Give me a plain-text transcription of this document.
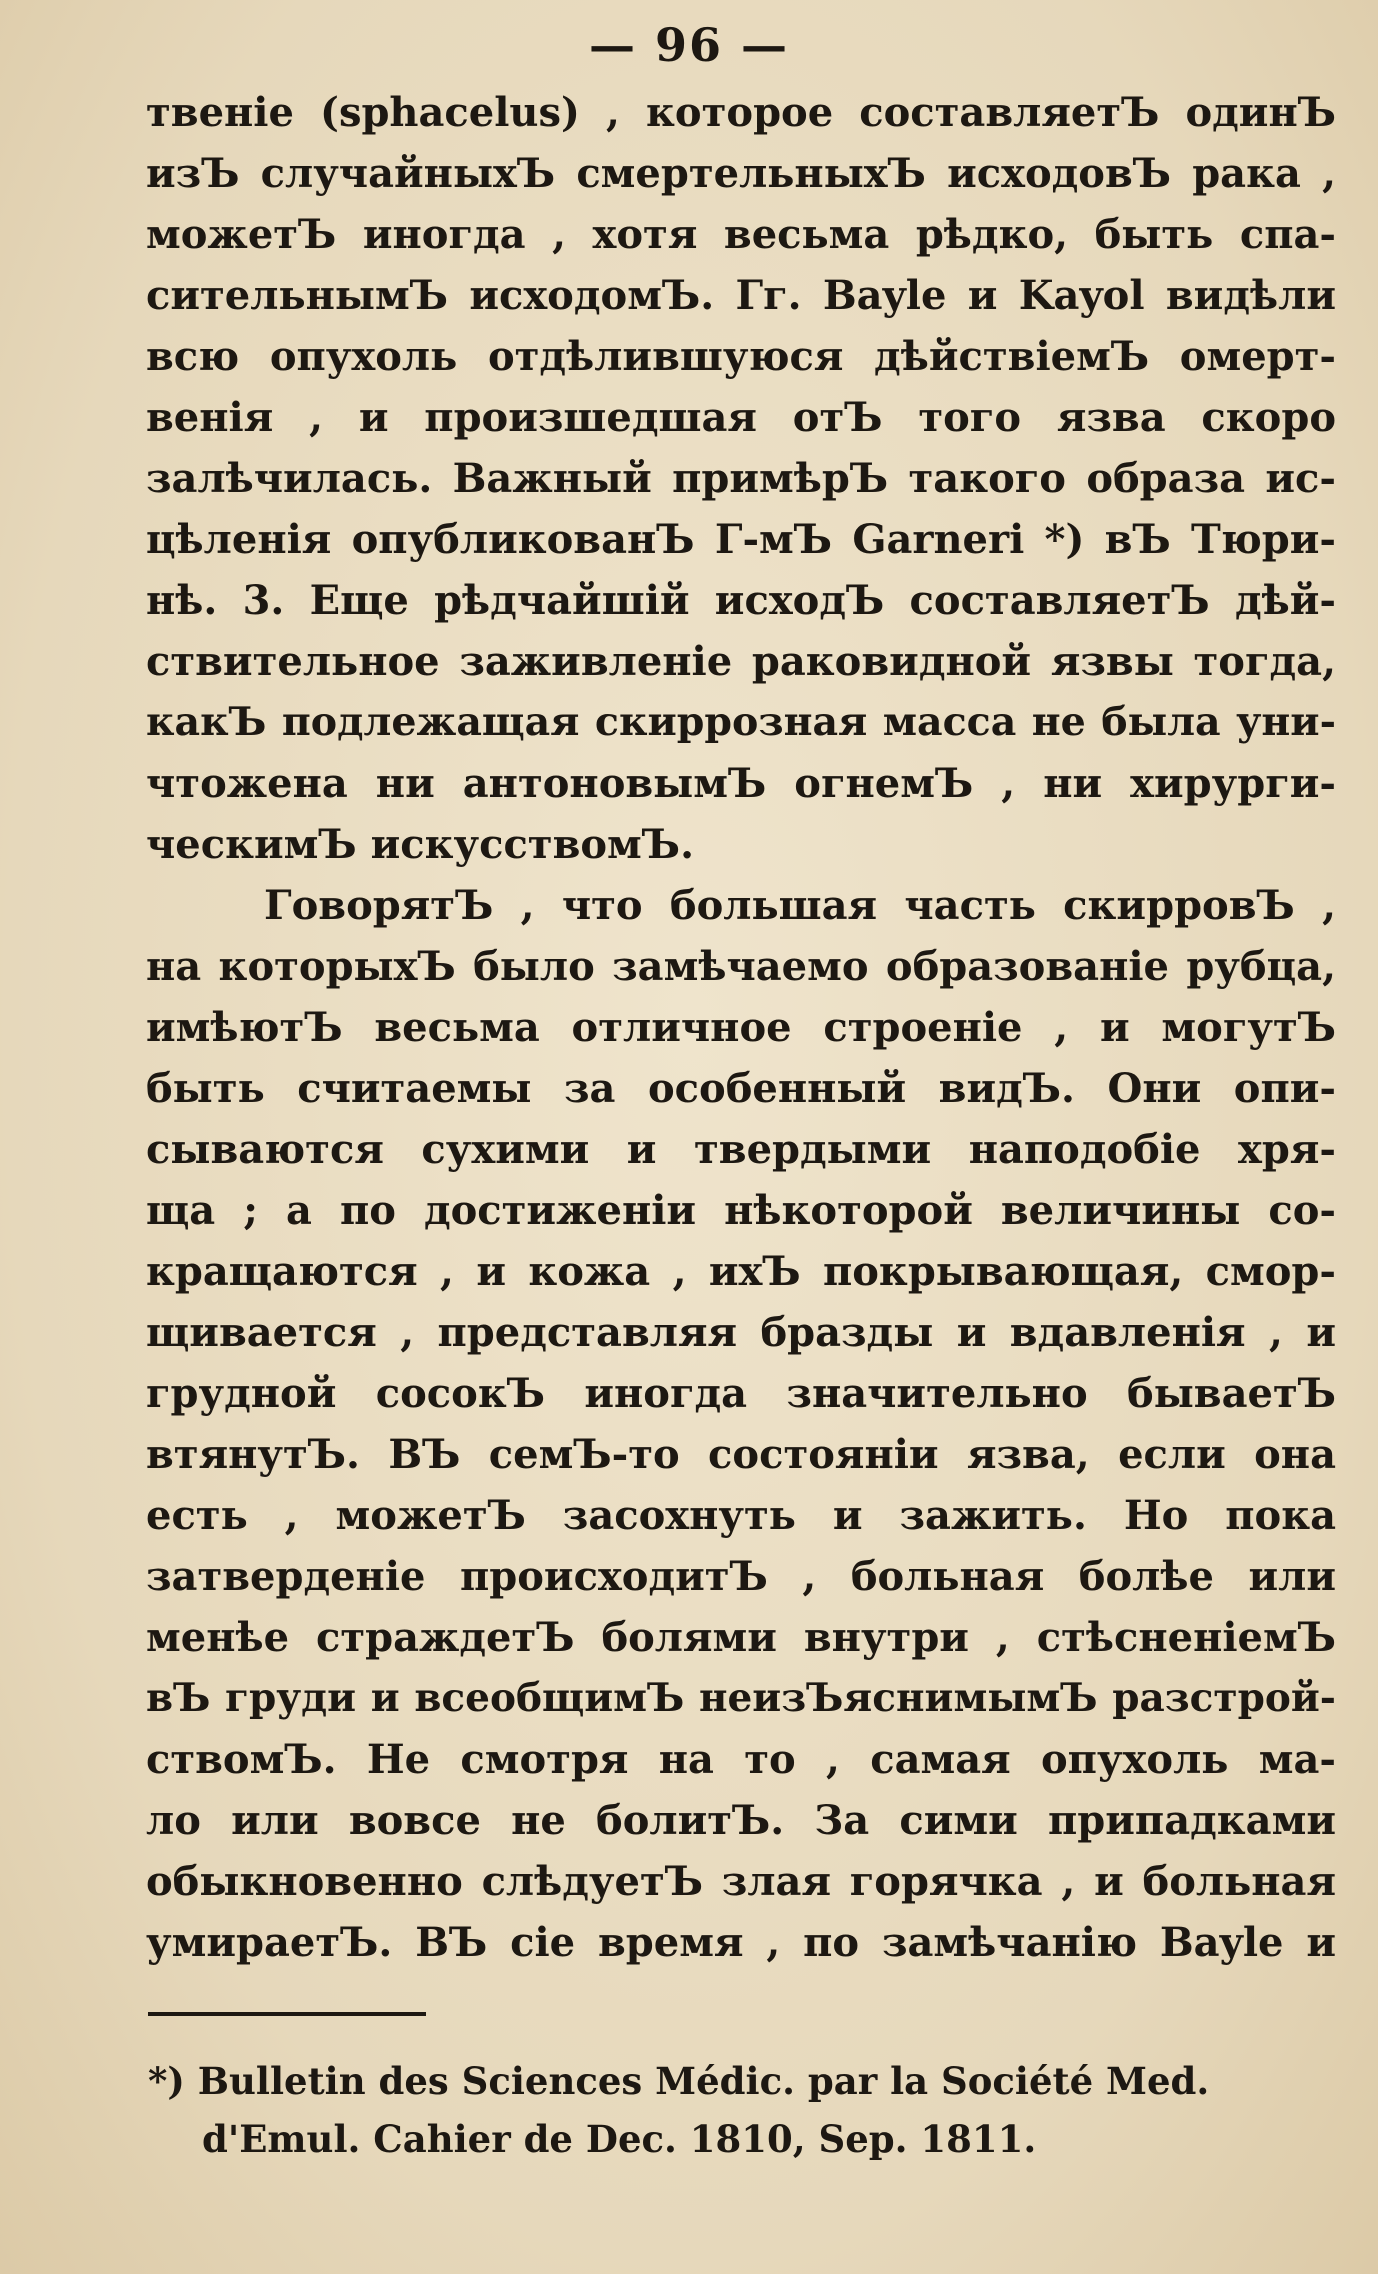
— 96 —
твенie (sphacelus) , которое составляетЪ одинЪ
изЪ случайныхЪ смертельныхЪ исходовЪ рака ,
можетЪ иногда , хотя весьма рѣдко, быть спа-
сительнымЪ исходомЪ. Гг. Bayle и Kayol видѣли
всю опухоль отдѣлившуюся дѣйствieмЪ омерт-
венiя , и произшедшая отЪ того язва скоро
залѣчилась. Важный примѣрЪ такого образа ис-
цѣленiя опубликованЪ Г-мЪ Garneri *) вЪ Тюри-
нѣ. 3. Еще рѣдчайшiй исходЪ составляетЪ дѣй-
ствительное заживленiе раковидной язвы тогда,
какЪ подлежащая скиррозная масса не была уни-
чтожена ни антоновымЪ огнемЪ , ни хирурги-
ческимЪ искусствомЪ.
ГоворятЪ , что большая часть скирровЪ ,
на которыхЪ было замѣчаемо образованiе рубца,
имѣютЪ весьма отличное строенiе , и могутЪ
быть считаемы за особенный видЪ. Они опи-
сываются сухими и твердыми наподобiе хря-
ща ; а по достиженiи нѣкоторой величины со-
кращаются , и кожа , ихЪ покрывающая, смор-
щивается , представляя бразды и вдавленiя , и
грудной сосокЪ иногда значительно бываетЪ
втянутЪ. ВЪ семЪ-то состоянiи язва, если она
есть , можетЪ засохнуть и зажить. Но пока
затверденiе происходитЪ , больная болѣе или
менѣе страждетЪ болями внутри , стѣсненiемЪ
вЪ груди и всеобщимЪ неизЪяснимымЪ разстрой-
ствомЪ. Не смотря на то , самая опухоль ма-
ло или вовсе не болитЪ. За сими припадками
обыкновенно слѣдуетЪ злая горячка , и больная
умираетЪ. ВЪ сiе время , по замѣчанiю Bayle и
*) Bulletin des Sciences Médic. par la Société Med.
d'Emul. Cahier de Dec. 1810, Sep. 1811.
